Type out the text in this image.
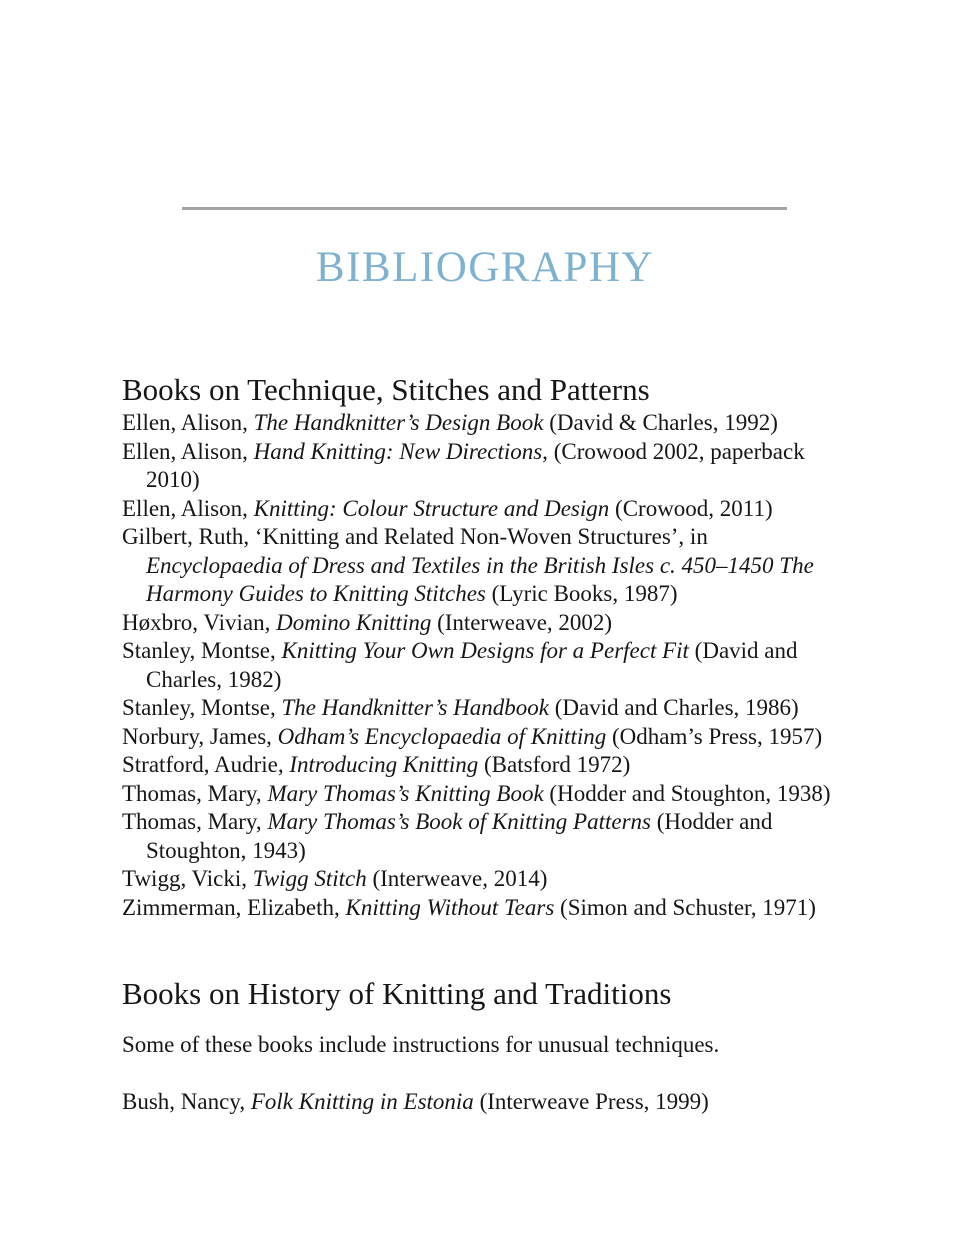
BIBLIOGRAPHY
Books on Technique, Stitches and Patterns
Ellen, Alison, The Handknitter’s Design Book (David & Charles, 1992)
Ellen, Alison, Hand Knitting: New Directions, (Crowood 2002, paperback
2010)
Ellen, Alison, Knitting: Colour Structure and Design (Crowood, 2011)
Gilbert, Ruth, ‘Knitting and Related Non-Woven Structures’, in
Encyclopaedia of Dress and Textiles in the British Isles c. 450–1450 The
Harmony Guides to Knitting Stitches (Lyric Books, 1987)
Høxbro, Vivian, Domino Knitting (Interweave, 2002)
Stanley, Montse, Knitting Your Own Designs for a Perfect Fit (David and
Charles, 1982)
Stanley, Montse, The Handknitter’s Handbook (David and Charles, 1986)
Norbury, James, Odham’s Encyclopaedia of Knitting (Odham’s Press, 1957)
Stratford, Audrie, Introducing Knitting (Batsford 1972)
Thomas, Mary, Mary Thomas’s Knitting Book (Hodder and Stoughton, 1938)
Thomas, Mary, Mary Thomas’s Book of Knitting Patterns (Hodder and
Stoughton, 1943)
Twigg, Vicki, Twigg Stitch (Interweave, 2014)
Zimmerman, Elizabeth, Knitting Without Tears (Simon and Schuster, 1971)
Books on History of Knitting and Traditions

Some of these books include instructions for unusual techniques.

Bush, Nancy, Folk Knitting in Estonia (Interweave Press, 1999)
